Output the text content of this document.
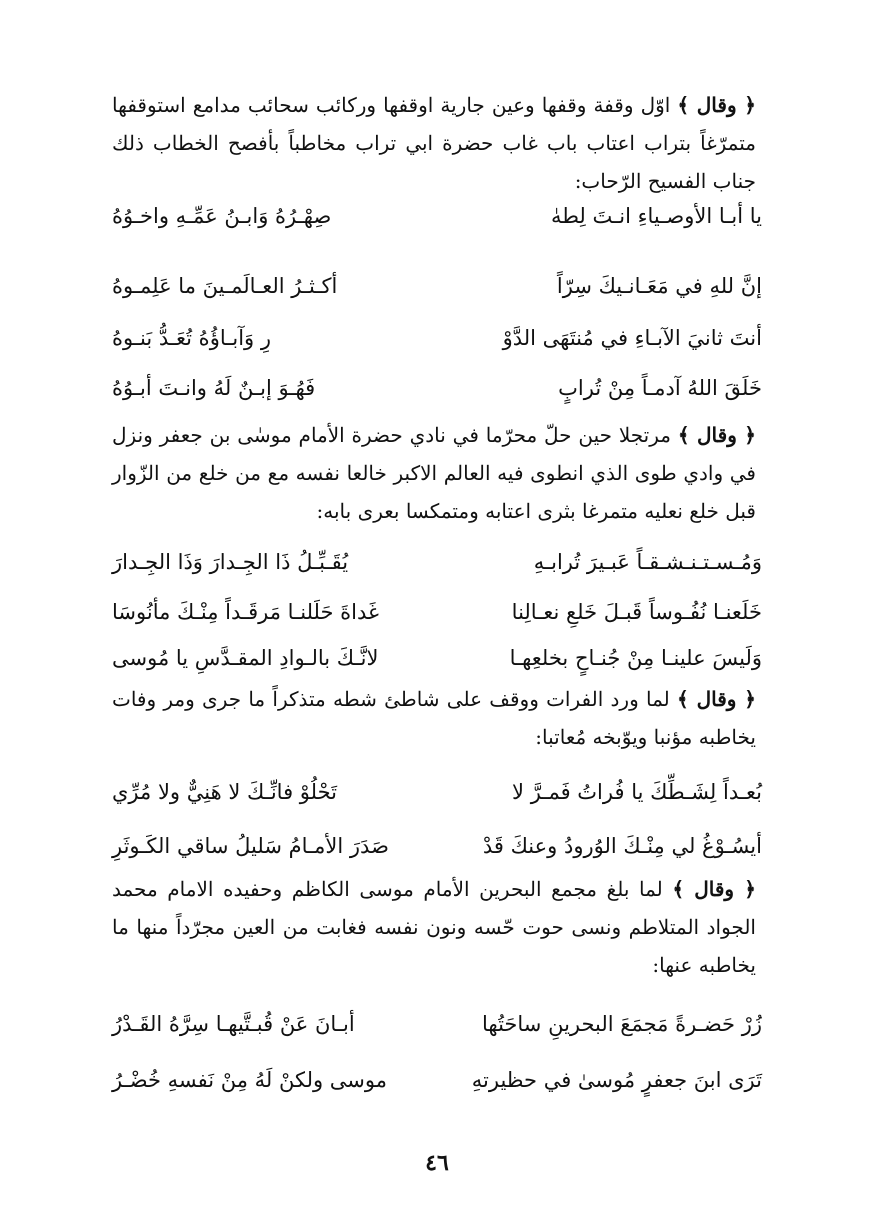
﴿ وقال ﴾ اوّل وقفة وقفها وعين جارية اوقفها وركائب سحائب مدامع استوقفها متمرّغاً بتراب اعتاب باب غاب حضرة ابي تراب مخاطباً بأفصح الخطاب ذلك جناب الفسيح الرّحاب:

يا أبـا الأوصـياءِ انـتَ لِطهٰ
صِهْـرُهُ وَابـنُ عَمِّـهِ واخـوُهُ
إنَّ للهِ في مَعَـانـيكَ سِرّاً
أكـثـرُ العـالَمـينَ ما عَلِمـوهُ
أنتَ ثانيَ الآبـاءِ في مُنتَهَى الدَّوْ
رِ وَآبـاؤُهُ تُعَـدُّ بَنـوهُ
خَلَقَ اللهُ آدمـاً مِنْ تُرابٍ
فَهُـوَ إبـنٌ لَهُ وانـتَ أبـوُهُ

﴿ وقال ﴾ مرتجلا حين حلّ محرّما في نادي حضرة الأمام موسٰى بن جعفر ونزل في وادي طوى الذي انطوى فيه العالم الاكبر خالعا نفسه مع من خلع من الزّوار قبل خلع نعليه متمرغا بثرى اعتابه ومتمكسا بعرى بابه:

وَمُـسـتـنـشـقـاً عَبـيرَ تُرابـهِ
يُقَـبِّـلُ ذَا الجِـدارَ وَذَا الجِـدارَ
خَلَعنـا نُفُـوساً قَبـلَ خَلعِ نعـالِنا
غَداةَ حَلَلنـا مَرقَـداً مِنْـكَ مأنُوسَا
وَلَيسَ علينـا مِنْ جُنـاحٍ بخلعِهـا
لانَّـكَ بالـوادِ المقـدَّسِ يا مُوسى

﴿ وقال ﴾ لما ورد الفرات ووقف على شاطئ شطه متذكراً ما جرى ومر وفات يخاطبه مؤنبا ويوّبخه مُعاتبا:

بُعـداً لِشَـطِّكَ يا فُراتُ فَمـرَّ لا
تَحْلُوْ فانِّـكَ لا هَنِيٌّ ولا مُرِّي
أيسُـوْغُ لي مِنْـكَ الوُرودُ وعنكَ قَدْ
صَدَرَ الأمـامُ سَليلُ ساقي الكَـوثَرِ

﴿ وقال ﴾ لما بلغ مجمع البحرين الأمام موسى الكاظم وحفيده الامام محمد الجواد المتلاطم ونسى حوت حّسه ونون نفسه فغابت من العين مجرّداً منها ما يخاطبه عنها:

زُرْ حَضـرةً مَجمَعَ البحرينِ ساحَتُها
أبـانَ عَنْ قُبـتَّيهـا سِرَّهُ القَـدْرُ
تَرَى ابنَ جعفرٍ مُوسىٰ في حظيرتهِ
موسى ولكنْ لَهُ مِنْ نَفسهِ خُضْـرُ
٤٦
